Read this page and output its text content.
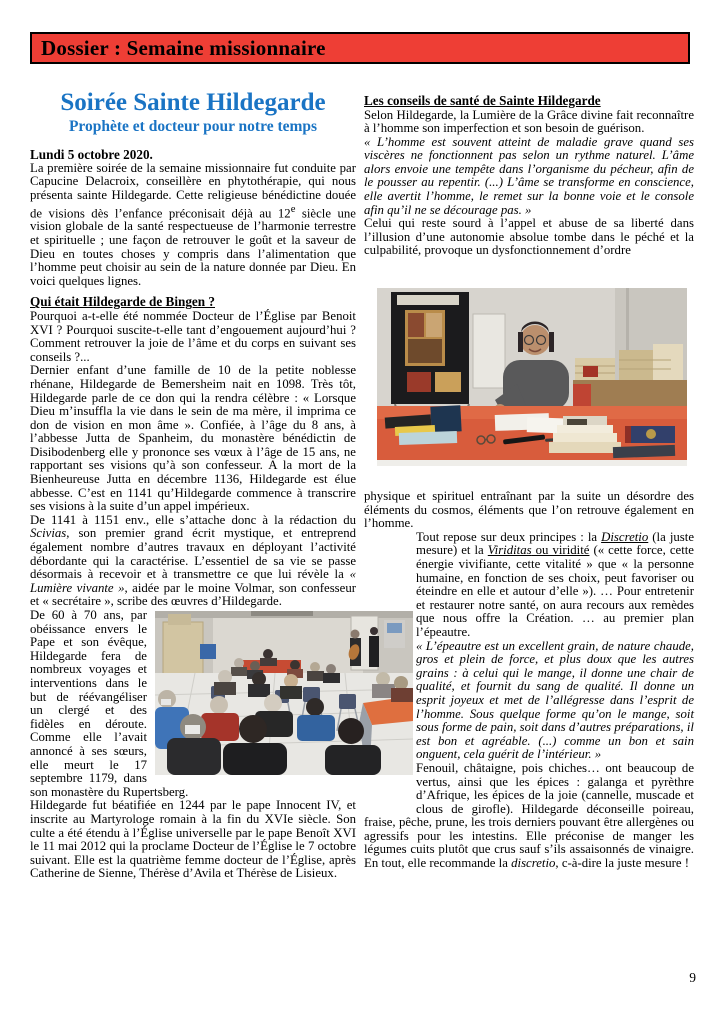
Dossier : Semaine missionnaire
Soirée Sainte Hildegarde
Prophète et docteur pour notre temps
Lundi 5 octobre 2020.

La première soirée de la semaine missionnaire fut conduite par Capucine Delacroix, conseillère en phytothérapie, qui nous présenta sainte Hildegarde. Cette religieuse bénédictine douée de visions dès l’enfance préconisait déjà au 12e siècle une vision globale de la santé respectueuse de l’harmonie terrestre et spirituelle ; une façon de retrouver le goût et la saveur de Dieu en toutes choses y compris dans l’alimentation que l’homme peut choisir au sein de la nature donnée par Dieu. En voici quelques lignes.

Qui était Hildegarde de Bingen ?

Pourquoi a-t-elle été nommée Docteur de l’Église par Benoit XVI ? Pourquoi suscite-t-elle tant d’engouement aujourd’hui ? Comment retrouver la joie de l’âme et du corps en suivant ses conseils ?...

Dernier enfant d’une famille de 10 de la petite noblesse rhénane, Hildegarde de Bemersheim nait en 1098. Très tôt, Hildegarde parle de ce don qui la rendra célèbre : « Lorsque Dieu m’insuffla la vie dans le sein de ma mère, il imprima ce don de vision en mon âme ». Confiée, à l’âge du 8 ans, à l’abbesse Jutta de Spanheim, du monastère bénédictin de Disibodenberg elle y prononce ses vœux à l’âge de 15 ans, ne rapportant ses visions qu’à son confesseur. A la mort de la Bienheureuse Jutta en décembre 1136, Hildegarde est élue abbesse. C’est en 1141 qu’Hildegarde commence à transcrire ses visions à la suite d’un appel impérieux.

De 1141 à 1151 env., elle s’attache donc à la rédaction du Scivias, son premier grand écrit mystique, et entreprend également nombre d’autres travaux en déployant l’activité débordante qui la caractérise. L’essentiel de sa vie se passe désormais à recevoir et à transmettre ce que lui révèle la « Lumière vivante », aidée par le moine Volmar, son confesseur et « secrétaire », scribe des œuvres d’Hildegarde.

De 60 à 70 ans, par obéissance envers le Pape et son évêque, Hildegarde fera de nombreux voyages et interventions dans le but de réévangéliser un clergé et des fidèles en déroute. Comme elle l’avait annoncé à ses sœurs, elle meurt le 17 septembre 1179, dans son monastère du Rupertsberg.

Hildegarde fut béatifiée en 1244 par le pape Innocent IV, et inscrite au Martyrologe romain à la fin du XVIe siècle. Son culte a été étendu à l’Église universelle par le pape Benoît XVI le 11 mai 2012 qui la proclame Docteur de l’Église le 7 octobre suivant. Elle est la quatrième femme docteur de l’Église, après Catherine de Sienne, Thérèse d’Avila et Thérèse de Lisieux.

Les conseils de santé de Sainte Hildegarde

Selon Hildegarde, la Lumière de la Grâce divine fait reconnaître à l’homme son imperfection et son besoin de guérison.

« L’homme est souvent atteint de maladie grave quand ses viscères ne fonctionnent pas selon un rythme naturel. L’âme alors envoie une tempête dans l’organisme du pécheur, afin de le pousser au repentir. (...) L’âme se transforme en conscience, elle avertit l’homme, le remet sur la bonne voie et le console afin qu’il ne se décourage pas. »

Celui qui reste sourd à l’appel et abuse de sa liberté dans l’illusion d’une autonomie absolue tombe dans le péché et la culpabilité, provoque un dysfonctionnement d’ordre

physique et spirituel entraînant par la suite un désordre des éléments du cosmos, éléments que l’on retrouve également en l’homme.

Tout repose sur deux principes : la Discretio (la juste mesure) et la Viriditas ou viridité (« cette force, cette énergie vivifiante, cette vitalité » que « la personne humaine, en fonction de ses choix, peut favoriser ou éteindre en elle et autour d’elle »). … Pour entretenir et restaurer notre santé, on aura recours aux remèdes que nous offre la Création. … au premier plan l’épeautre.

« L’épeautre est un excellent grain, de nature chaude, gros et plein de force, et plus doux que les autres grains : à celui qui le mange, il donne une chair de qualité, et fournit du sang de qualité. Il donne un esprit joyeux et met de l’allégresse dans l’esprit de l’homme. Sous quelque forme qu’on le mange, soit sous forme de pain, soit dans d’autres préparations, il est bon et agréable. (...) comme un bon et sain onguent, cela guérit de l’intérieur. »

Fenouil, châtaigne, pois chiches… ont beaucoup de vertus, ainsi que les épices : galanga et pyrèthre d’Afrique, les épices de la joie (cannelle, muscade et clous de girofle). Hildegarde déconseille poireau, fraise, pêche, prune, les trois derniers pouvant être allergènes ou agressifs pour les intestins. Elle préconise de manger les légumes cuits plutôt que crus sauf s’ils assaisonnés de vinaigre. En tout, elle recommande la discretio, c-à-dire la juste mesure !

9
